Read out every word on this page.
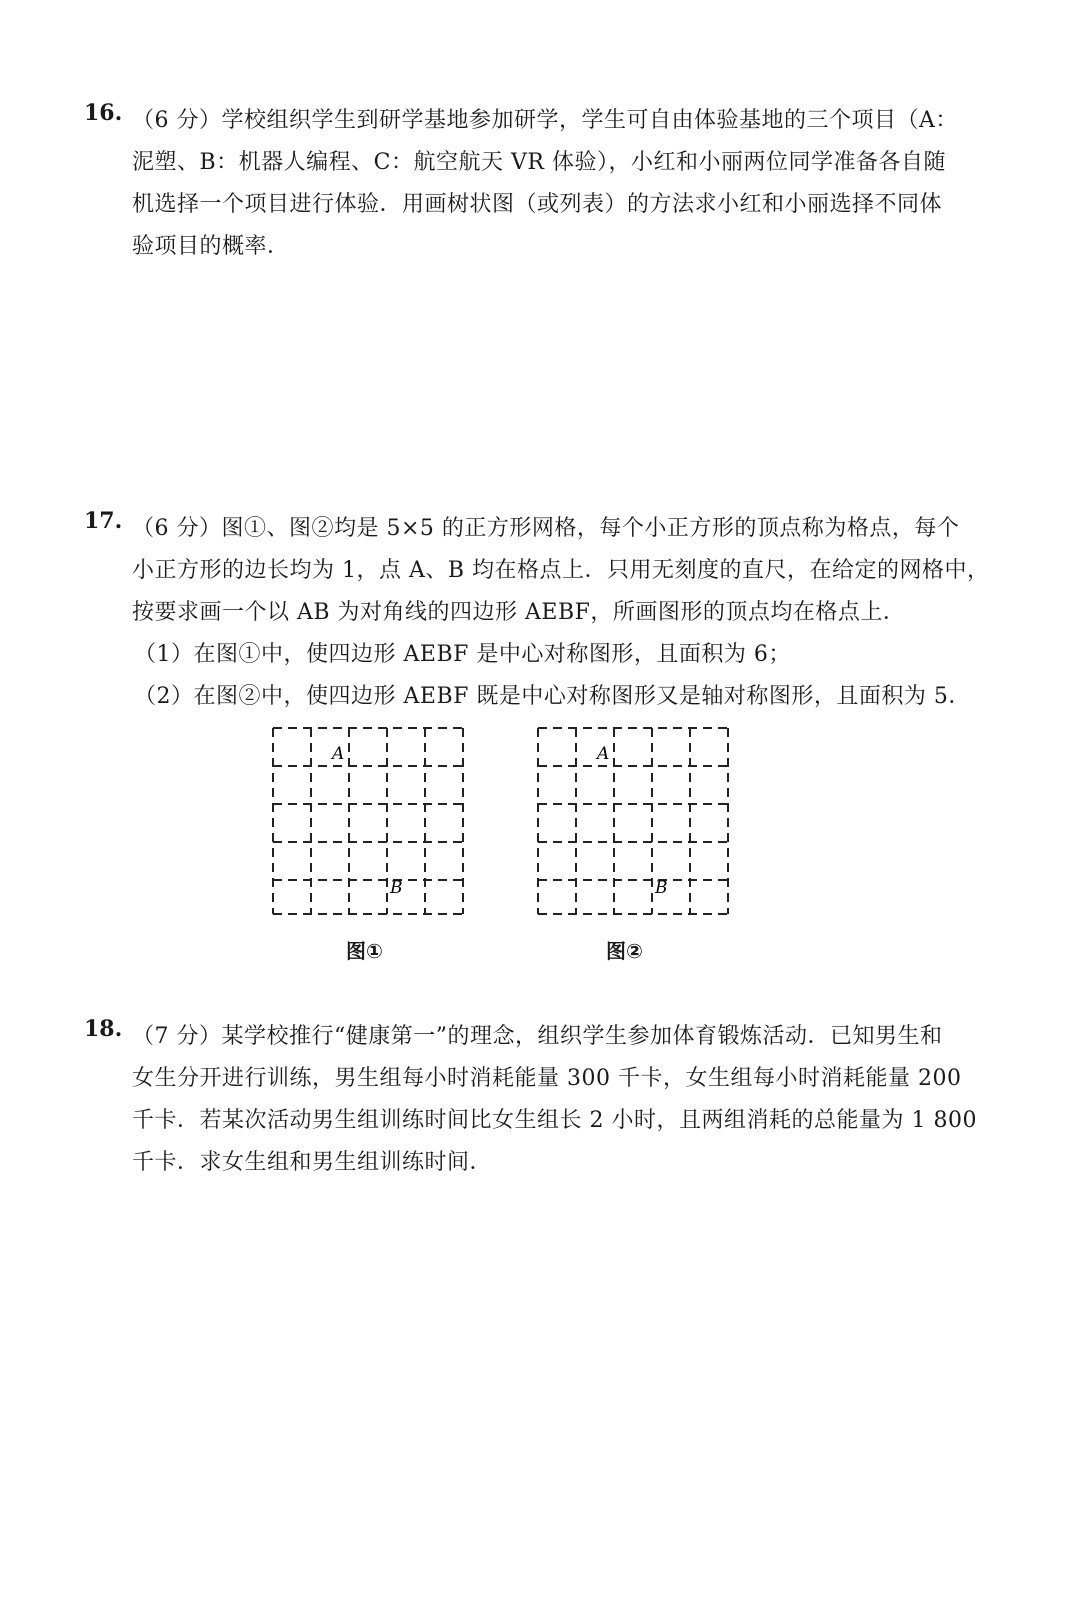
16. （6 分）学校组织学生到研学基地参加研学，学生可自由体验基地的三个项目（A：
泥塑、B：机器人编程、C：航空航天 VR 体验），小红和小丽两位同学准备各自随
机选择一个项目进行体验．用画树状图（或列表）的方法求小红和小丽选择不同体
验项目的概率．
17. （6 分）图①、图②均是 5×5 的正方形网格，每个小正方形的顶点称为格点，每个
小正方形的边长均为 1，点 A、B 均在格点上．只用无刻度的直尺，在给定的网格中，
按要求画一个以 AB 为对角线的四边形 AEBF，所画图形的顶点均在格点上．
（1）在图①中，使四边形 AEBF 是中心对称图形，且面积为 6；
（2）在图②中，使四边形 AEBF 既是中心对称图形又是轴对称图形，且面积为 5．
A
B
图①
A
B
图②
18. （7 分）某学校推行“健康第一”的理念，组织学生参加体育锻炼活动．已知男生和
女生分开进行训练，男生组每小时消耗能量 300 千卡，女生组每小时消耗能量 200
千卡．若某次活动男生组训练时间比女生组长 2 小时，且两组消耗的总能量为 1 800
千卡．求女生组和男生组训练时间．
